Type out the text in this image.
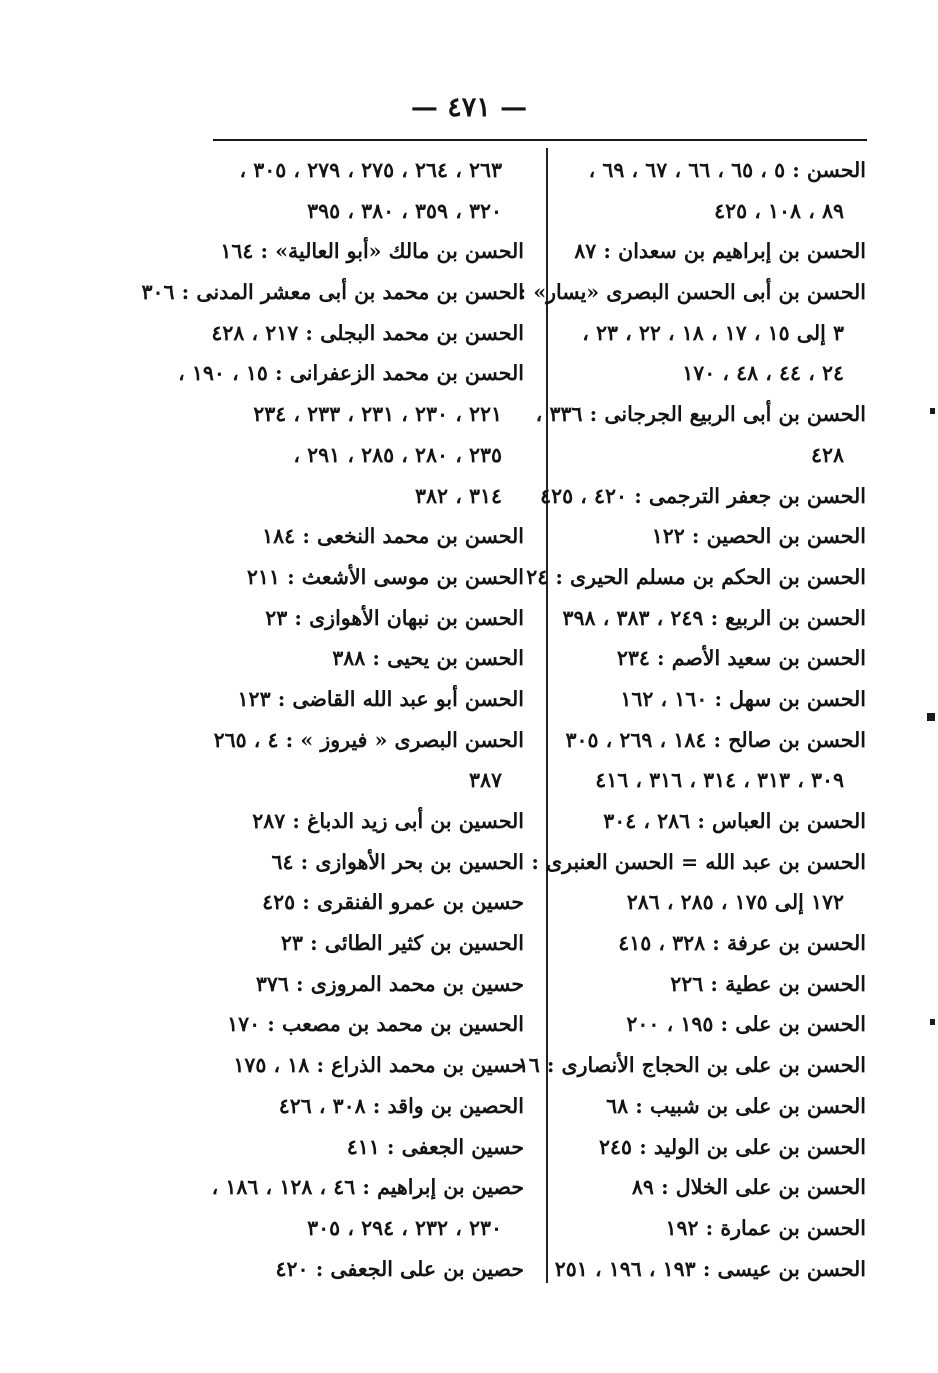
— ٤٧١ —
الحسن : ٥ ، ٦٥ ، ٦٦ ، ٦٧ ، ٦٩ ،
٨٩ ، ١٠٨ ، ٤٢٥
الحسن بن إبراهيم بن سعدان : ٨٧
الحسن بن أبى الحسن البصرى «يسار» :
٣ إلى ١٥ ، ١٧ ، ١٨ ، ٢٢ ، ٢٣ ،
٢٤ ، ٤٤ ، ٤٨ ، ١٧٠
الحسن بن أبى الربيع الجرجانى : ٣٣٦ ،
٤٢٨
الحسن بن جعفر الترجمى : ٤٢٠ ، ٤٢٥
الحسن بن الحصين : ١٢٢
الحسن بن الحكم بن مسلم الحيرى : ٢٤
الحسن بن الربيع : ٢٤٩ ، ٣٨٣ ، ٣٩٨
الحسن بن سعيد الأصم : ٢٣٤
الحسن بن سهل : ١٦٠ ، ١٦٢
الحسن بن صالح : ١٨٤ ، ٢٦٩ ، ٣٠٥
٣٠٩ ، ٣١٣ ، ٣١٤ ، ٣١٦ ، ٤١٦
الحسن بن العباس : ٢٨٦ ، ٣٠٤
الحسن بن عبد الله = الحسن العنبرى :
١٧٢ إلى ١٧٥ ، ٢٨٥ ، ٢٨٦
الحسن بن عرفة : ٣٢٨ ، ٤١٥
الحسن بن عطية : ٢٢٦
الحسن بن على : ١٩٥ ، ٢٠٠
الحسن بن على بن الحجاج الأنصارى : ١٦
الحسن بن على بن شبيب : ٦٨
الحسن بن على بن الوليد : ٢٤٥
الحسن بن على الخلال : ٨٩
الحسن بن عمارة : ١٩٢
الحسن بن عيسى : ١٩٣ ، ١٩٦ ، ٢٥١
٢٦٣ ، ٢٦٤ ، ٢٧٥ ، ٢٧٩ ، ٣٠٥ ،
٣٢٠ ، ٣٥٩ ، ٣٨٠ ، ٣٩٥
الحسن بن مالك «أبو العالية» : ١٦٤
الحسن بن محمد بن أبى معشر المدنى : ٣٠٦
الحسن بن محمد البجلى : ٢١٧ ، ٤٢٨
الحسن بن محمد الزعفرانى : ١٥ ، ١٩٠ ،
٢٢١ ، ٢٣٠ ، ٢٣١ ، ٢٣٣ ، ٢٣٤
٢٣٥ ، ٢٨٠ ، ٢٨٥ ، ٢٩١ ،
٣١٤ ، ٣٨٢
الحسن بن محمد النخعى : ١٨٤
الحسن بن موسى الأشعث : ٢١١
الحسن بن نبهان الأهوازى : ٢٣
الحسن بن يحيى : ٣٨٨
الحسن أبو عبد الله القاضى : ١٢٣
الحسن البصرى « فيروز » : ٤ ، ٢٦٥
٣٨٧
الحسين بن أبى زيد الدباغ : ٢٨٧
الحسين بن بحر الأهوازى : ٦٤
حسين بن عمرو الفنقرى : ٤٢٥
الحسين بن كثير الطائى : ٢٣
حسين بن محمد المروزى : ٣٧٦
الحسين بن محمد بن مصعب : ١٧٠
حسين بن محمد الذراع : ١٨ ، ١٧٥
الحصين بن واقد : ٣٠٨ ، ٤٢٦
حسين الجعفى : ٤١١
حصين بن إبراهيم : ٤٦ ، ١٢٨ ، ١٨٦ ،
٢٣٠ ، ٢٣٢ ، ٢٩٤ ، ٣٠٥
حصين بن على الجعفى : ٤٢٠
